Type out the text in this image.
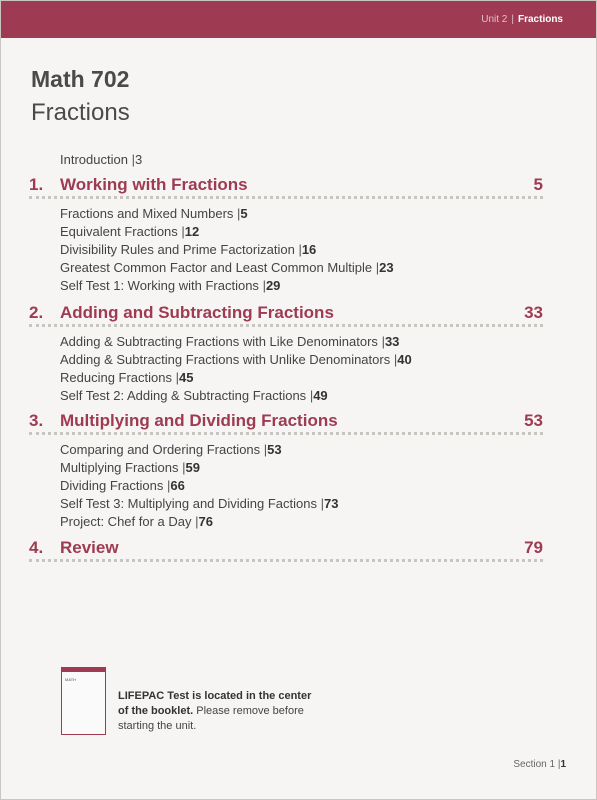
Unit 2 | Fractions
Math 702
Fractions
Introduction |3
1. Working with Fractions	5
Fractions and Mixed Numbers |5
Equivalent Fractions |12
Divisibility Rules and Prime Factorization |16
Greatest Common Factor and Least Common Multiple |23
Self Test 1: Working with Fractions |29
2. Adding and Subtracting Fractions	33
Adding & Subtracting Fractions with Like Denominators |33
Adding & Subtracting Fractions with Unlike Denominators |40
Reducing Fractions |45
Self Test 2: Adding & Subtracting Fractions |49
3. Multiplying and Dividing Fractions	53
Comparing and Ordering Fractions |53
Multiplying Fractions |59
Dividing Fractions |66
Self Test 3: Multiplying and Dividing Factions |73
Project: Chef for a Day |76
4. Review	79
MATH
LIFEPAC Test is located in the center of the booklet. Please remove before starting the unit.
Section 1 |1
